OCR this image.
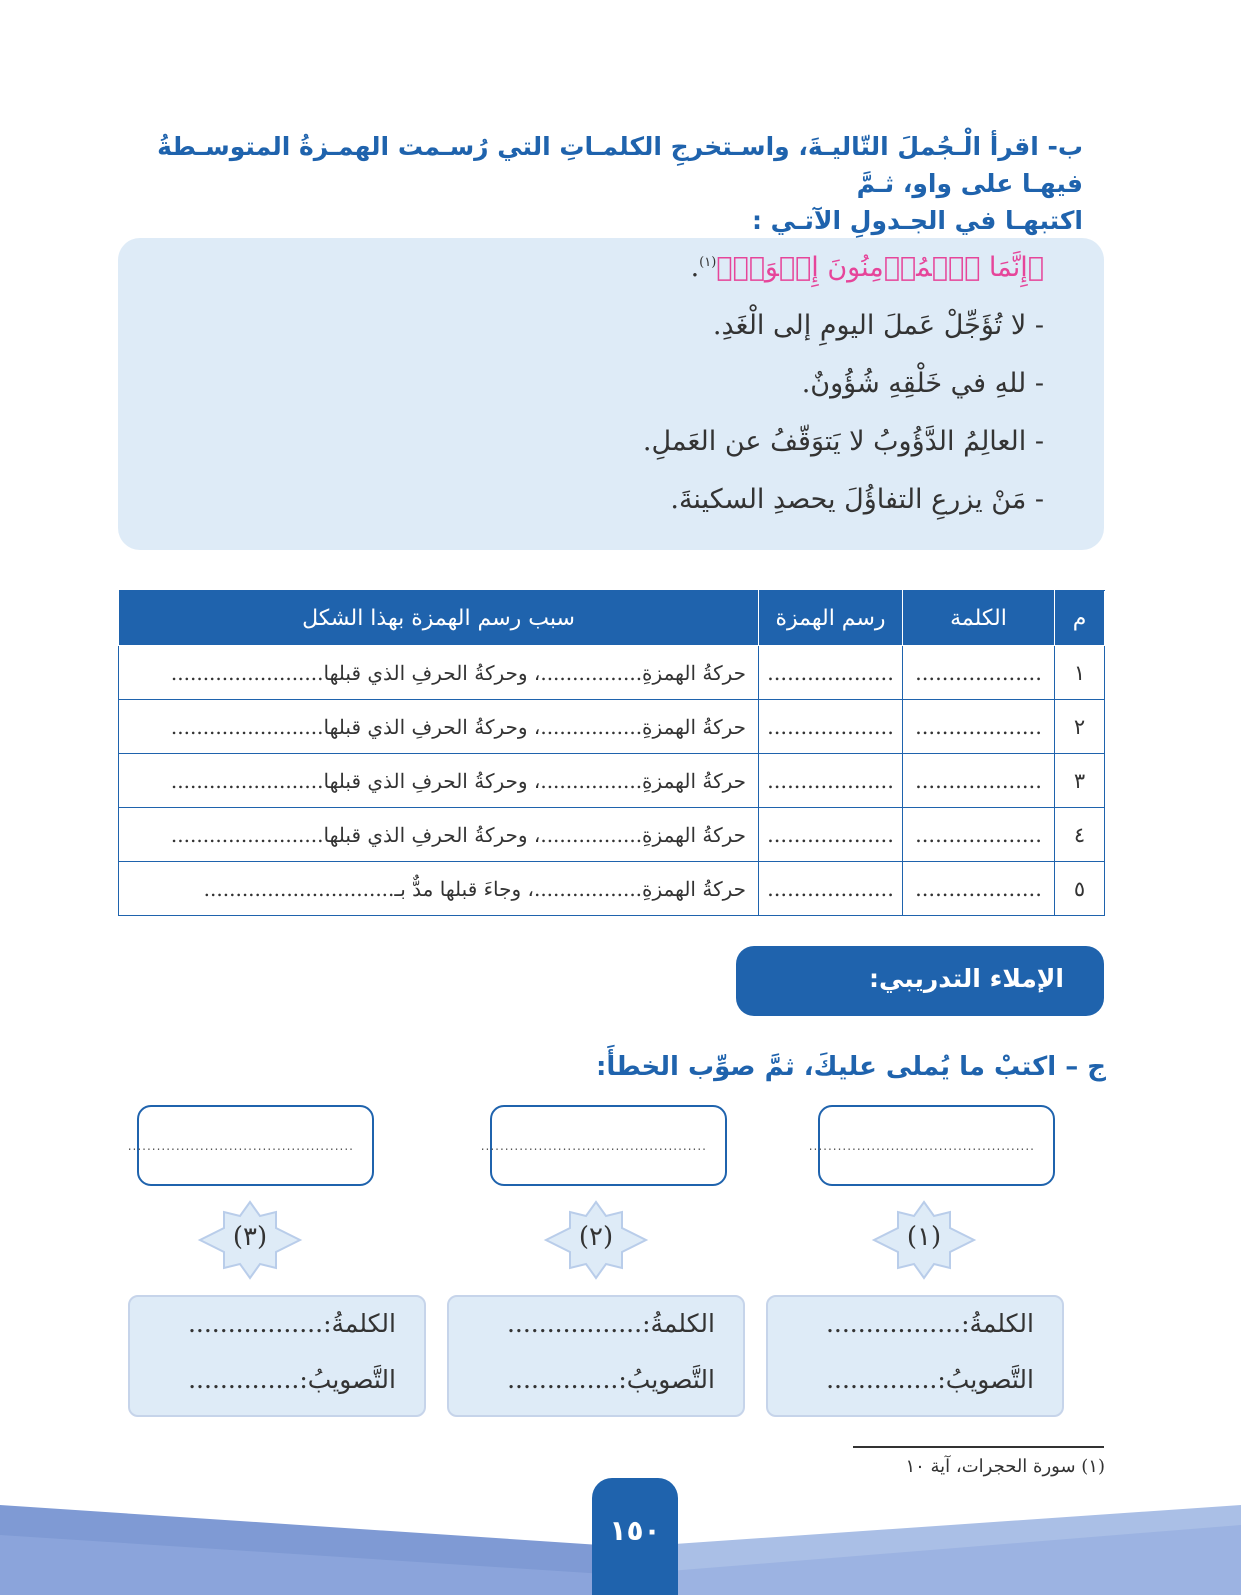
ب- اقرأ الْـجُملَ التّاليـةَ، واسـتخرجِ الكلمـاتِ التي رُسـمت الهمـزةُ المتوسـطةُ فيهـا على واو، ثـمَّ
اكتبهـا في الجـدولِ الآتـي :
﴿إِنَّمَا ٱلۡمُؤۡمِنُونَ إِخۡوَةٞ﴾$^{(١)}$.
- لا تُؤَجِّلْ عَملَ اليومِ إلى الْغَدِ.
- للهِ في خَلْقِهِ شُؤُونٌ.
- العالِمُ الدَّؤُوبُ لا يَتوَقّفُ عن العَملِ.
- مَنْ يزرعِ التفاؤُلَ يحصدِ السكينةَ.
م	الكلمة	رسم الهمزة	سبب رسم الهمزة بهذا الشكل
١	...................	...................	حركةُ الهمزةِ................، وحركةُ الحرفِ الذي قبلها........................
٢	...................	...................	حركةُ الهمزةِ................، وحركةُ الحرفِ الذي قبلها........................
٣	...................	...................	حركةُ الهمزةِ................، وحركةُ الحرفِ الذي قبلها........................
٤	...................	...................	حركةُ الهمزةِ................، وحركةُ الحرفِ الذي قبلها........................
٥	...................	...................	حركةُ الهمزةِ.................، وجاءَ قبلها مدٌّ بـ..............................
الإملاء التدريبي:
ج – اكتبْ ما يُملى عليكَ، ثمَّ صوِّب الخطأَ:
...............................................
...............................................
...............................................
(١)
(٢)
(٣)
الكلمةُ:.................
التَّصويبُ:..............
الكلمةُ:.................
التَّصويبُ:..............
الكلمةُ:.................
التَّصويبُ:..............
(١) سورة الحجرات، آية ١٠
١٥٠
